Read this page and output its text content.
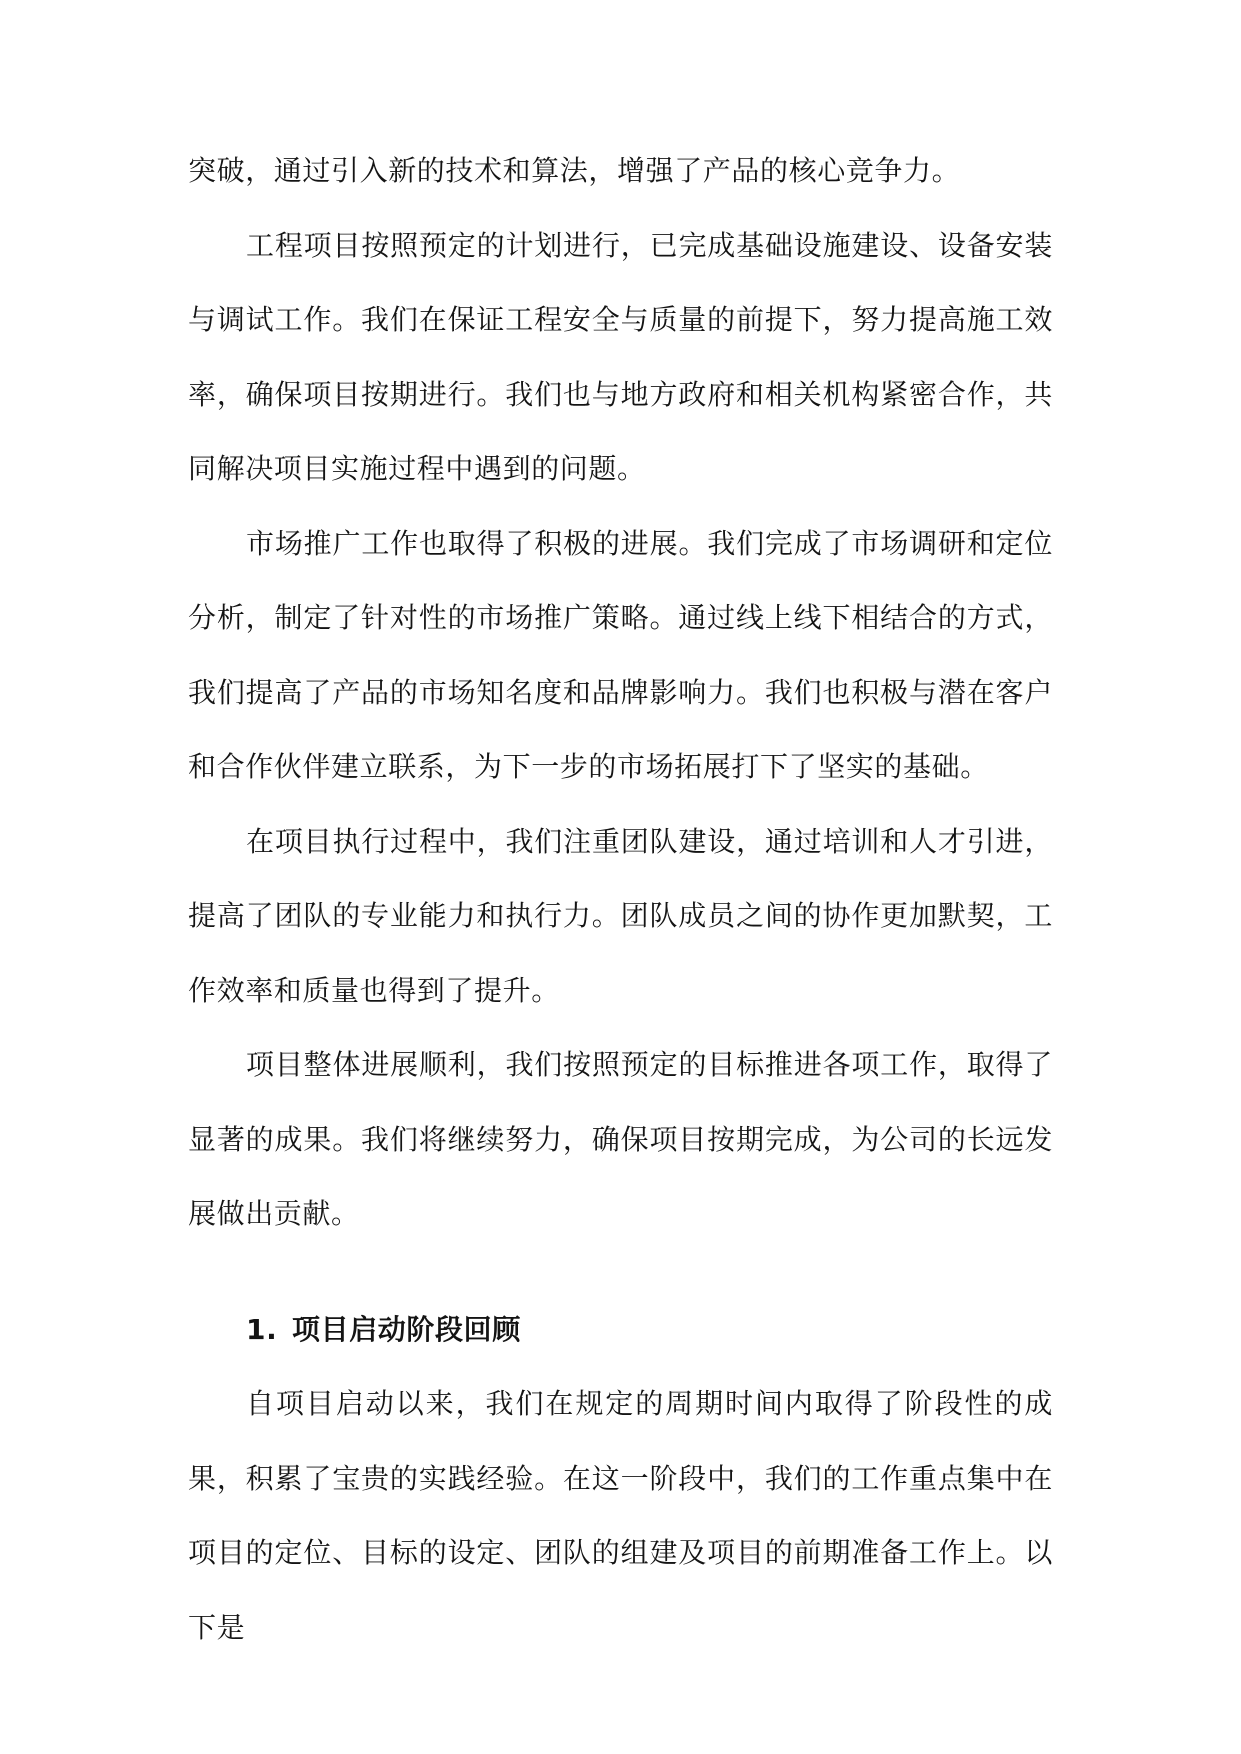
突破，通过引入新的技术和算法，增强了产品的核心竞争力。

工程项目按照预定的计划进行，已完成基础设施建设、设备安装与调试工作。我们在保证工程安全与质量的前提下，努力提高施工效率，确保项目按期进行。我们也与地方政府和相关机构紧密合作，共同解决项目实施过程中遇到的问题。

市场推广工作也取得了积极的进展。我们完成了市场调研和定位分析，制定了针对性的市场推广策略。通过线上线下相结合的方式，我们提高了产品的市场知名度和品牌影响力。我们也积极与潜在客户和合作伙伴建立联系，为下一步的市场拓展打下了坚实的基础。

在项目执行过程中，我们注重团队建设，通过培训和人才引进，提高了团队的专业能力和执行力。团队成员之间的协作更加默契，工作效率和质量也得到了提升。

项目整体进展顺利，我们按照预定的目标推进各项工作，取得了显著的成果。我们将继续努力，确保项目按期完成，为公司的长远发展做出贡献。

1. 项目启动阶段回顾

自项目启动以来，我们在规定的周期时间内取得了阶段性的成果，积累了宝贵的实践经验。在这一阶段中，我们的工作重点集中在项目的定位、目标的设定、团队的组建及项目的前期准备工作上。以下是
